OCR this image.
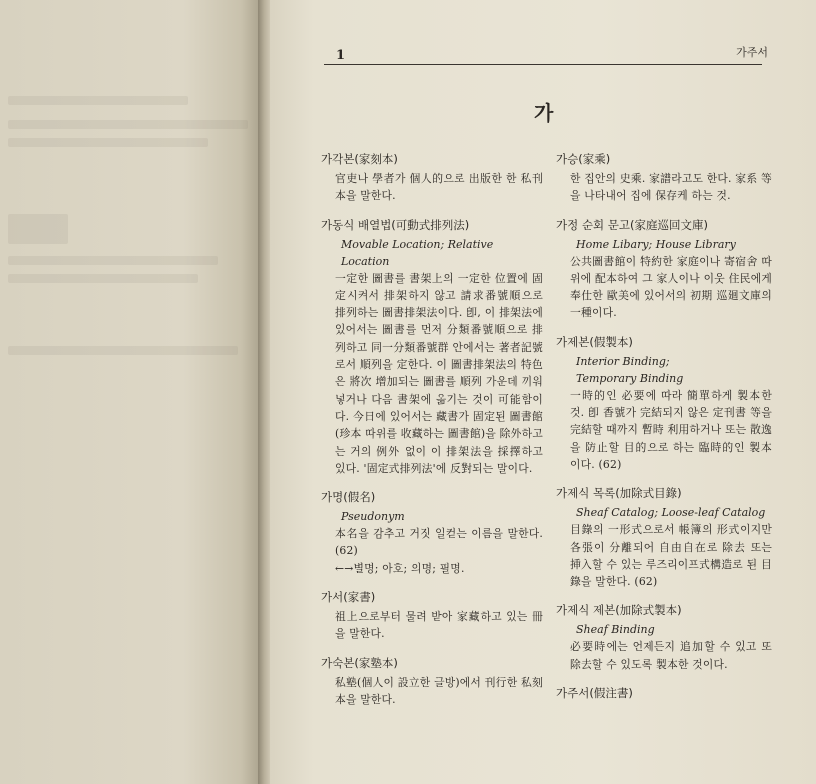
1	가주서
가
가각본(家刻本)
官吏나 學者가 個人的으로 出版한 한 私刊本을 말한다.
가동식 배열법(可動式排列法)
Movable Location; Relative Location
一定한 圖書를 書架上의 一定한 位置에 固定시켜서 排架하지 않고 請求番號順으로 排列하는 圖書排架法이다. 卽, 이 排架法에 있어서는 圖書를 먼저 分類番號順으로 排列하고 同一分類番號群 안에서는 著者記號로서 順列을 定한다. 이 圖書排架法의 特色은 將次 增加되는 圖書를 順列 가운데 끼워 넣거나 다음 書架에 옮기는 것이 可能함이다. 今日에 있어서는 藏書가 固定된 圖書館(珍本 따위를 收藏하는 圖書館)을 除外하고는 거의 例外 없이 이 排架法을 採擇하고 있다. '固定式排列法'에 反對되는 말이다.
가명(假名)
Pseudonym
本名을 감추고 거짓 일컫는 이름을 말한다. (62)
←→별명; 아호; 의명; 필명.
가서(家書)
祖上으로부터 물려 받아 家藏하고 있는 冊을 말한다.
가숙본(家塾本)
私塾(個人이 設立한 글방)에서 刊行한 私刻本을 말한다.
가승(家乘)
한 집안의 史乘. 家譜라고도 한다. 家系 等을 나타내어 집에 保存케 하는 것.
가정 순회 문고(家庭巡回文庫)
Home Libary; House Library
公共圖書館이 特約한 家庭이나 寄宿舍 따위에 配本하여 그 家人이나 이웃 住民에게 奉仕한 歐美에 있어서의 初期 巡廻文庫의 一種이다.
가제본(假製本)
Interior Binding;
Temporary Binding
一時的인 必要에 따라 簡單하게 製本한 것. 卽 香號가 完結되지 않은 定刊書 等을 完結할 때까지 暫時 利用하거나 또는 散逸을 防止할 目的으로 하는 臨時的인 製本이다. (62)
가제식 목록(加除式目錄)
Sheaf Catalog; Loose-leaf Catalog
目錄의 一形式으로서 帳簿의 形式이지만 各張이 分離되어 自由自在로 除去 또는 挿入할 수 있는 루즈리이프式構造로 된 目錄을 말한다. (62)
가제식 제본(加除式製本)
Sheaf Binding
必要時에는 언제든지 追加할 수 있고 또 除去할 수 있도록 製本한 것이다.
가주서(假注書)
